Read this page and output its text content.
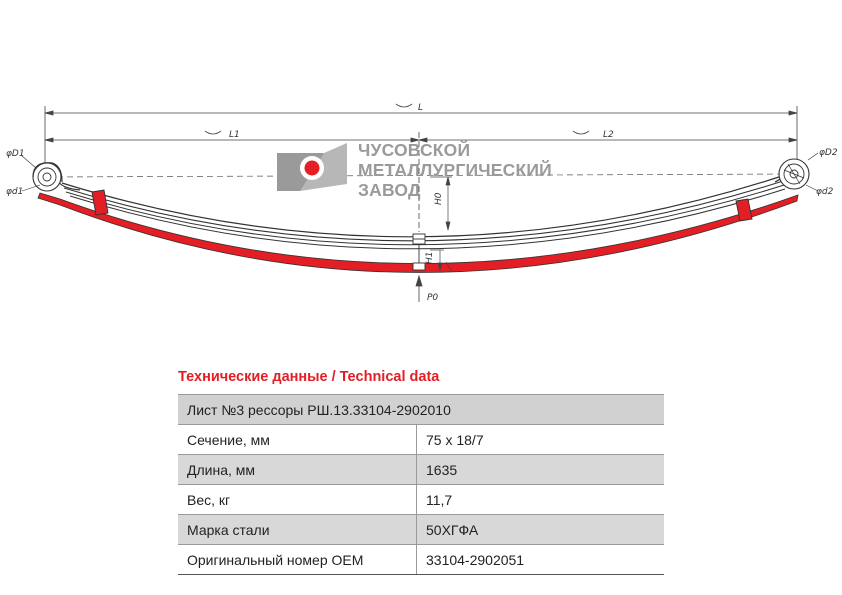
L
L1	L2
φD1
φd1
φD2
φd2
H0
H1
P0
ЧУСОВСКОЙ
МЕТАЛЛУРГИЧЕСКИЙ
ЗАВОД
Технические данные / Technical data
Лист №3 рессоры РШ.13.33104-2902010	
Сечение, мм	75 x 18/7
Длина, мм	1635
Вес, кг	11,7
Марка стали	50ХГФА
Оригинальный номер OEM	33104-2902051
